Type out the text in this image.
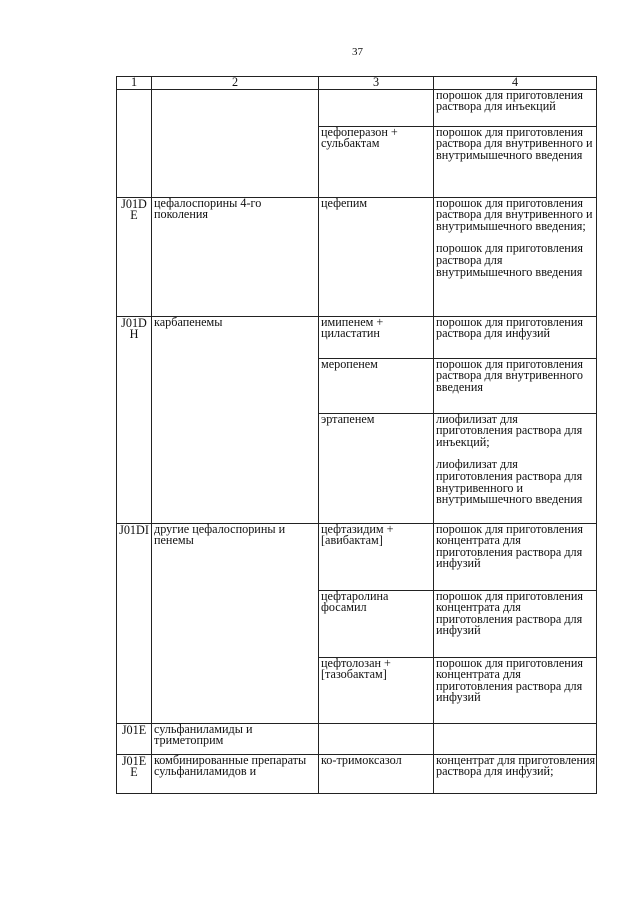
37
1	2	3	4

			порошок для приготовления раствора для инъекций

		цефоперазон + сульбактам	порошок для приготовления раствора для внутривенного и внутримышечного введения

J01D E	цефалоспорины 4-го поколения	цефепим	порошок для приготовления раствора для внутривенного и внутримышечного введения;
порошок для приготовления раствора для внутримышечного введения

J01D H	карбапенемы	имипенем + циластатин	порошок для приготовления раствора для инфузий

		меропенем	порошок для приготовления раствора для внутривенного введения

		эртапенем	лиофилизат для приготовления раствора для инъекций;
лиофилизат для приготовления раствора для внутривенного и внутримышечного введения

J01DI	другие цефалоспорины и пенемы	цефтазидим + [авибактам]	порошок для приготовления концентрата для приготовления раствора для инфузий

		цефтаролина фосамил	порошок для приготовления концентрата для приготовления раствора для инфузий

		цефтолозан + [тазобактам]	порошок для приготовления концентрата для приготовления раствора для инфузий

J01E	сульфаниламиды и триметоприм		
J01E E	комбинированные препараты сульфаниламидов и	ко-тримоксазол	концентрат для приготовления раствора для инфузий;
